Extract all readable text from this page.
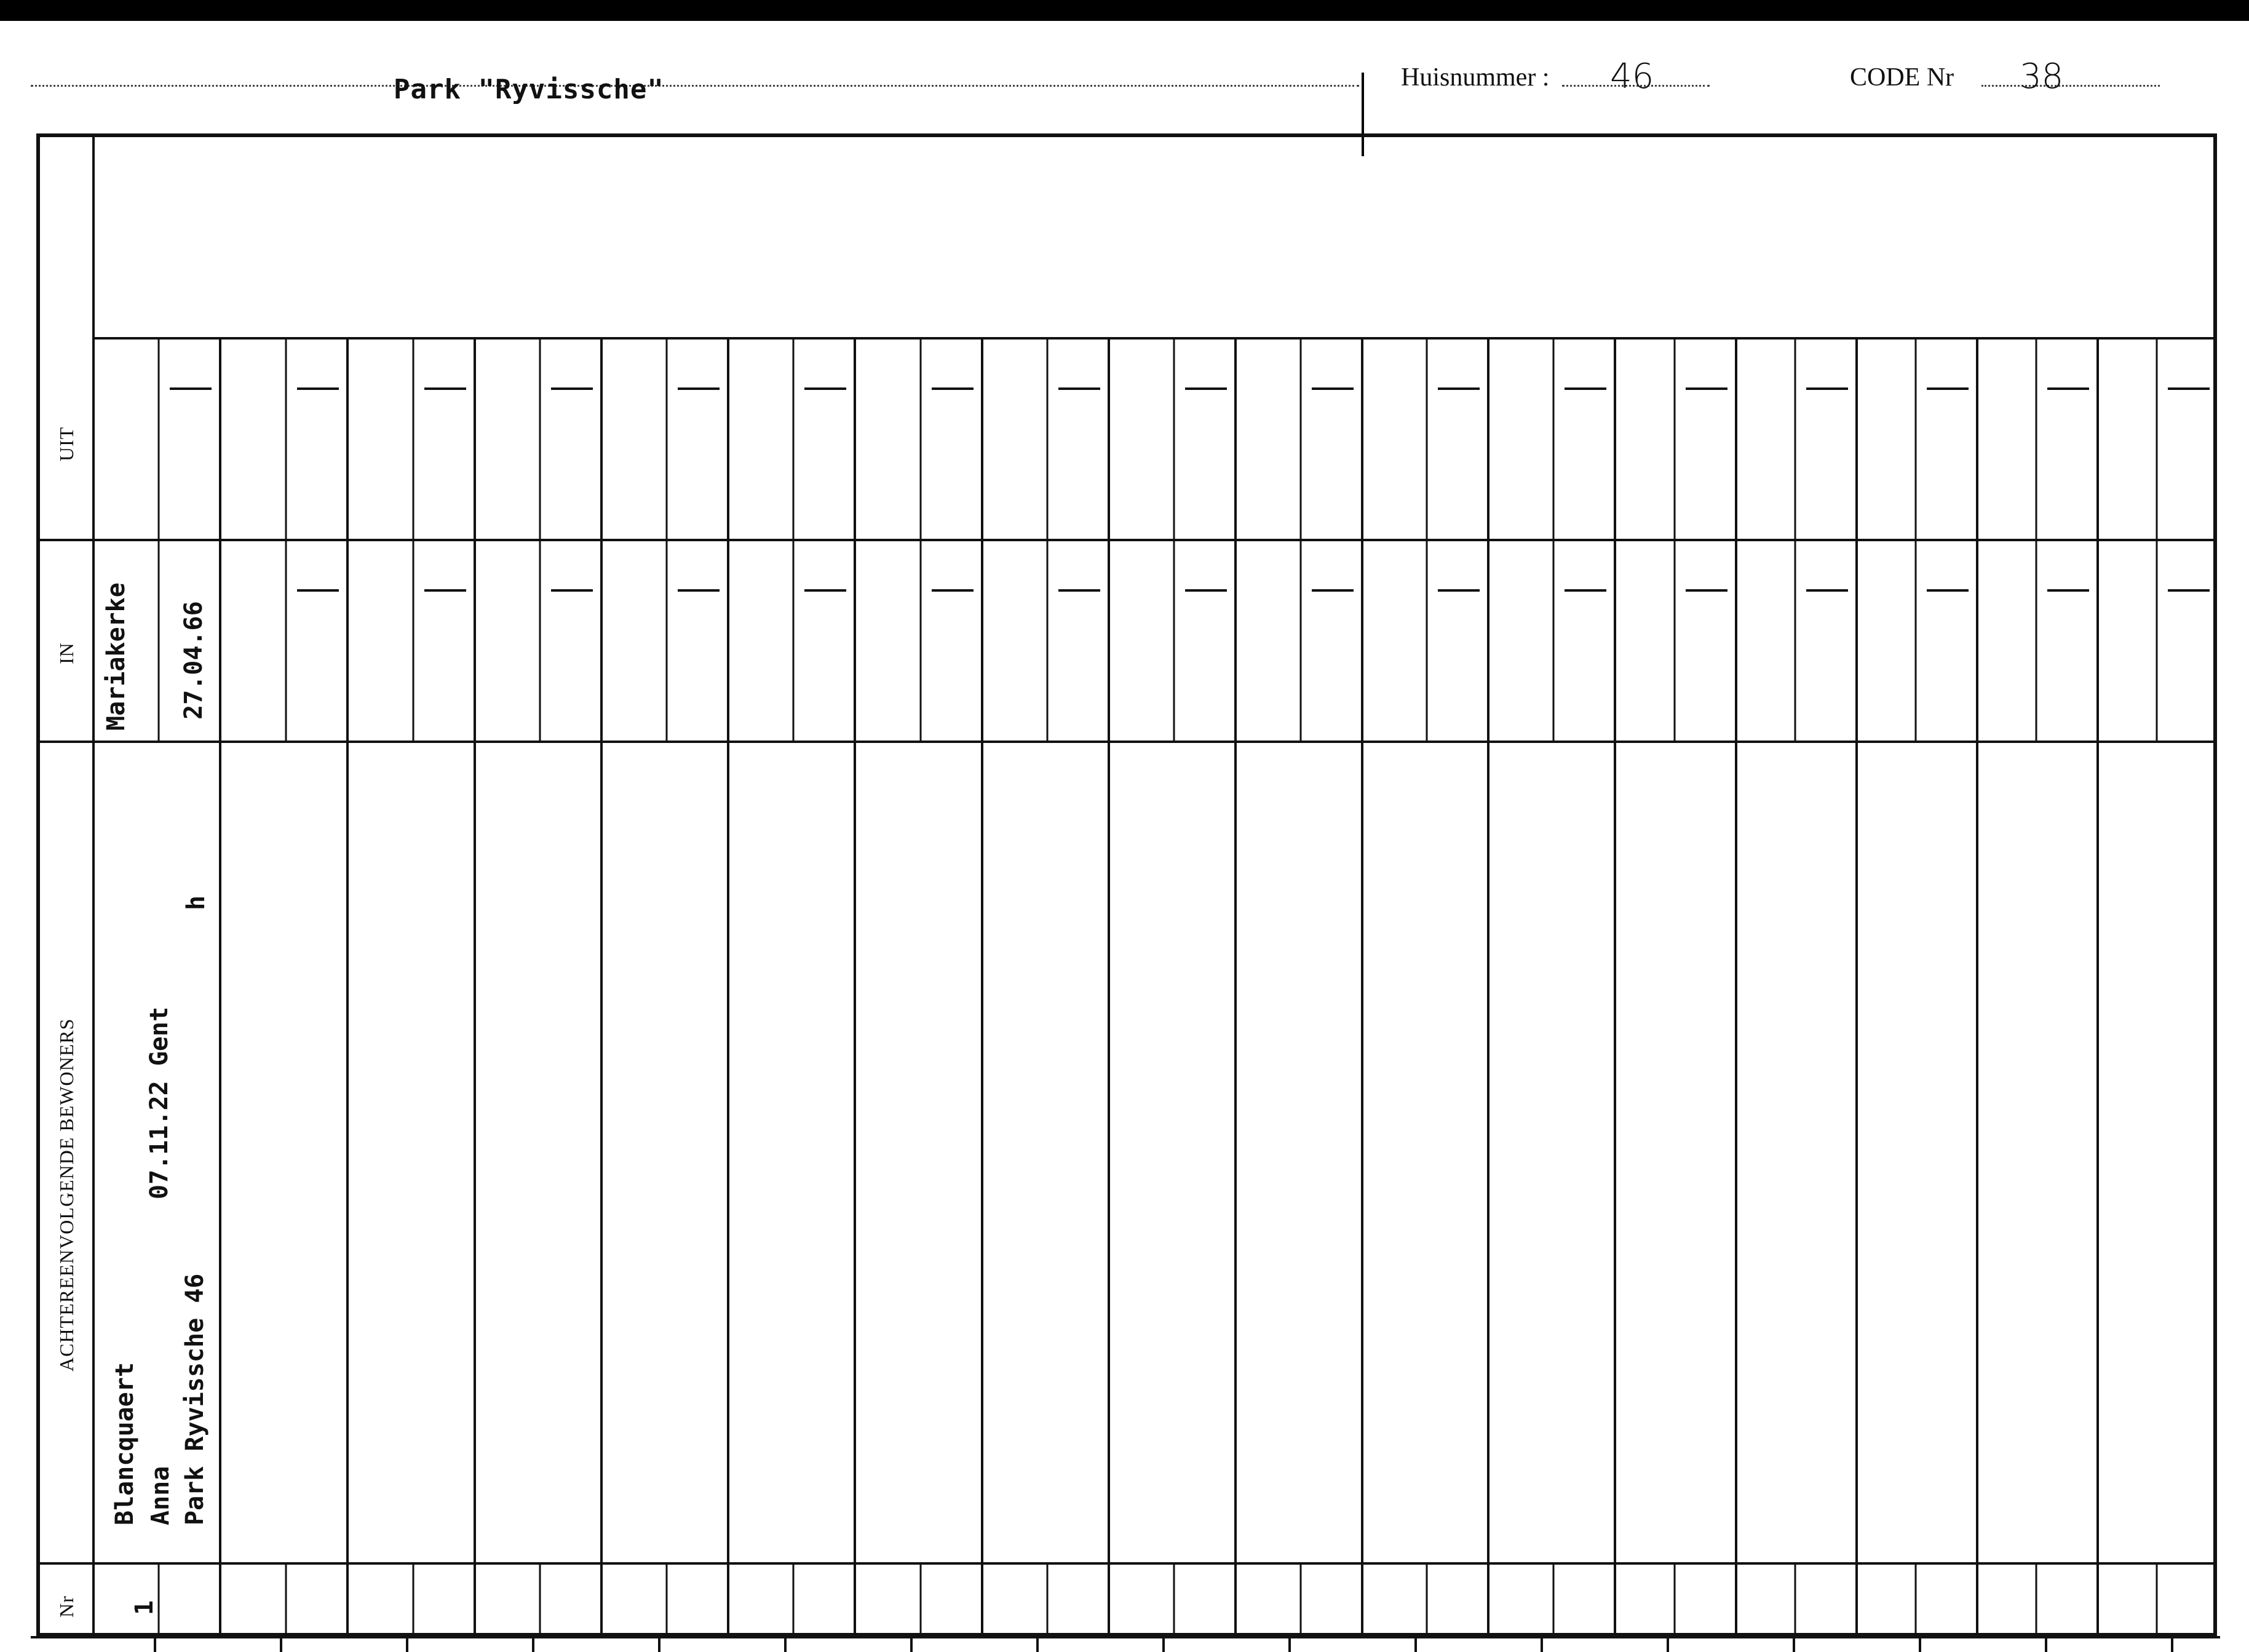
Park "Ryvissche"	Huisnummer : 46	CODE Nr 38
UIT
IN
ACHTEREENVOLGENDE BEWONERS
Nr
Mariakerke 27.04.66
Blancquaert Anna
07.11.22 Gent
Park Ryvissche 46
h
1
